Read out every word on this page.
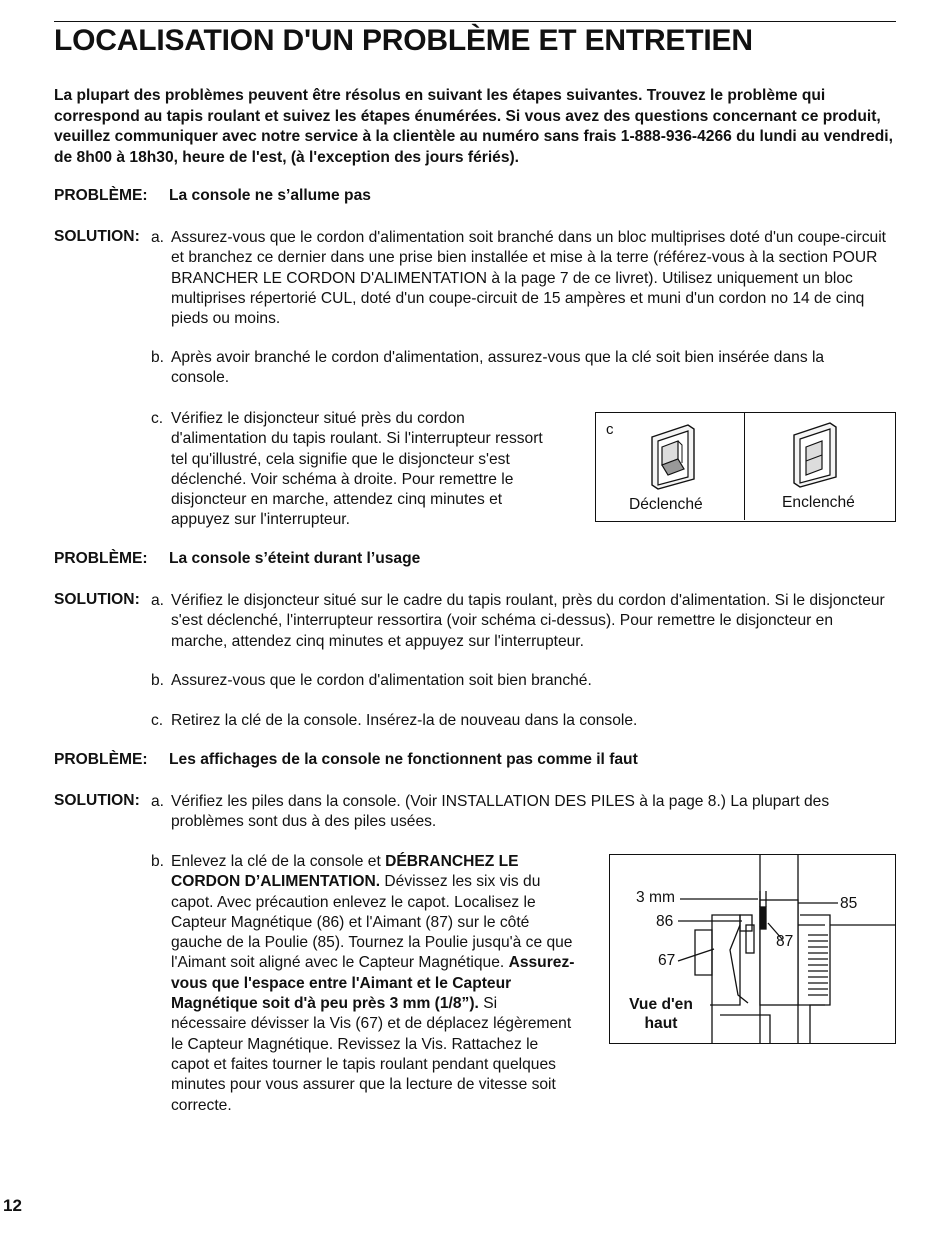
LOCALISATION D'UN PROBLÈME ET ENTRETIEN
La plupart des problèmes peuvent être résolus en suivant les étapes suivantes. Trouvez le problème qui correspond au tapis roulant et suivez les étapes énumérées. Si vous avez des questions concernant ce produit, veuillez communiquer avec notre service à la clientèle au numéro sans frais 1-888-936-4266 du lundi au vendredi, de 8h00 à 18h30, heure de l'est, (à l'exception des jours fériés).
PROBLÈME: La console ne s’allume pas
SOLUTION: a. Assurez-vous que le cordon d'alimentation soit branché dans un bloc multiprises doté d'un coupe-circuit et branchez ce dernier dans une prise bien installée et mise à la terre (référez-vous à la section POUR BRANCHER LE CORDON D'ALIMENTATION à la page 7 de ce livret). Utilisez uniquement un bloc multiprises répertorié CUL, doté d'un coupe-circuit de 15 ampères et muni d'un cordon no 14 de cinq pieds ou moins.
b. Après avoir branché le cordon d'alimentation, assurez-vous que la clé soit bien insérée dans la console.
c. Vérifiez le disjoncteur situé près du cordon d'alimentation du tapis roulant. Si l'interrupteur ressort tel qu'illustré, cela signifie que le disjoncteur s'est déclenché. Voir schéma à droite. Pour remettre le disjoncteur en marche, attendez cinq minutes et appuyez sur l'interrupteur.
c
Déclenché	Enclenché
PROBLÈME: La console s’éteint durant l’usage
SOLUTION: a. Vérifiez le disjoncteur situé sur le cadre du tapis roulant, près du cordon d'alimentation. Si le disjoncteur s'est déclenché, l'interrupteur ressortira (voir schéma ci-dessus). Pour remettre le disjoncteur en marche, attendez cinq minutes et appuyez sur l'interrupteur.
b. Assurez-vous que le cordon d'alimentation soit bien branché.
c. Retirez la clé de la console. Insérez-la de nouveau dans la console.
PROBLÈME: Les affichages de la console ne fonctionnent pas comme il faut
SOLUTION: a. Vérifiez les piles dans la console. (Voir INSTALLATION DES PILES à la page 8.) La plupart des problèmes sont dus à des piles usées.
b. Enlevez la clé de la console et DÉBRANCHEZ LE CORDON D’ALIMENTATION. Dévissez les six vis du capot. Avec précaution enlevez le capot. Localisez le Capteur Magnétique (86) et l'Aimant (87) sur le côté gauche de la Poulie (85). Tournez la Poulie jusqu'à ce que l'Aimant soit aligné avec le Capteur Magnétique. Assurez-vous que l'espace entre l'Aimant et le Capteur Magnétique soit d'à peu près 3 mm (1/8”). Si nécessaire dévisser la Vis (67) et de déplacez légèrement le Capteur Magnétique. Revissez la Vis. Rattachez le capot et faites tourner le tapis roulant pendant quelques minutes pour vous assurer que la lecture de vitesse soit correcte.
3 mm	85
86
87
67
Vue d'en
haut
12
